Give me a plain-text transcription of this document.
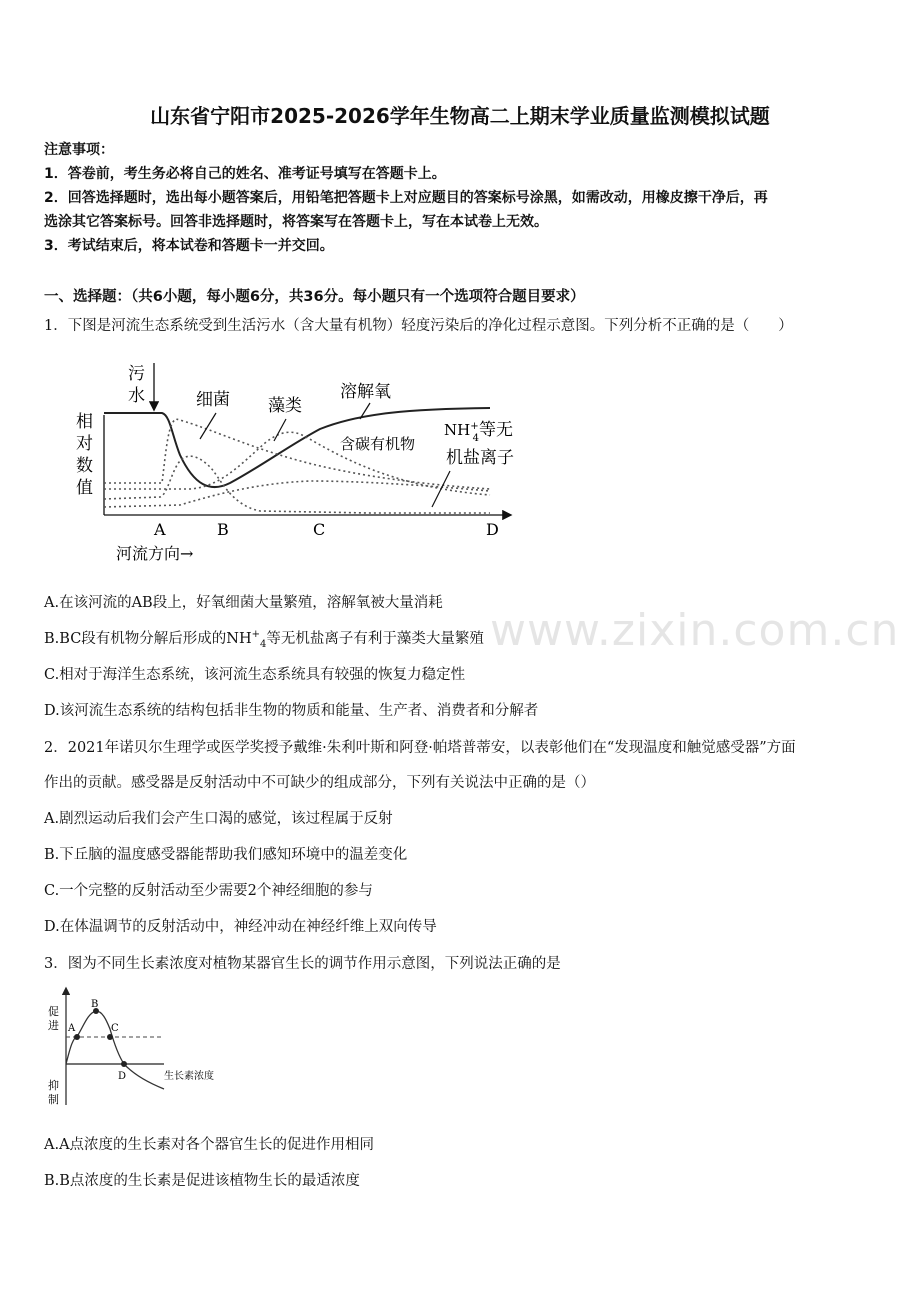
山东省宁阳市2025-2026学年生物高二上期末学业质量监测模拟试题
注意事项：
1．答卷前，考生务必将自己的姓名、准考证号填写在答题卡上。
2．回答选择题时，选出每小题答案后，用铅笔把答题卡上对应题目的答案标号涂黑，如需改动，用橡皮擦干净后，再
选涂其它答案标号。回答非选择题时，将答案写在答题卡上，写在本试卷上无效。
3．考试结束后，将本试卷和答题卡一并交回。
一、选择题：（共6小题，每小题6分，共36分。每小题只有一个选项符合题目要求）
1．下图是河流生态系统受到生活污水（含大量有机物）轻度污染后的净化过程示意图。下列分析不正确的是（　　）
相
对
数
值
污
水	细菌 藻类
溶解氧
含碳有机物
NH+ 4等无
机盐离子
A	B	C	D
河流方向→
A.在该河流的AB段上，好氧细菌大量繁殖，溶解氧被大量消耗
B.BC段有机物分解后形成的$NH^+_4$等无机盐离子有利于藻类大量繁殖
C.相对于海洋生态系统，该河流生态系统具有较强的恢复力稳定性
D.该河流生态系统的结构包括非生物的物质和能量、生产者、消费者和分解者
2．2021年诺贝尔生理学或医学奖授予戴维·朱利叶斯和阿登·帕塔普蒂安，以表彰他们在“发现温度和触觉感受器”方面
作出的贡献。感受器是反射活动中不可缺少的组成部分，下列有关说法中正确的是（）
A.剧烈运动后我们会产生口渴的感觉，该过程属于反射
B.下丘脑的温度感受器能帮助我们感知环境中的温差变化
C.一个完整的反射活动至少需要2个神经细胞的参与
D.在体温调节的反射活动中，神经冲动在神经纤维上双向传导
3．图为不同生长素浓度对植物某器官生长的调节作用示意图，下列说法正确的是
促
进
抑
制
A
B
C
D	生长素浓度
A.A点浓度的生长素对各个器官生长的促进作用相同
B.B点浓度的生长素是促进该植物生长的最适浓度
www.zixin.com.cn
